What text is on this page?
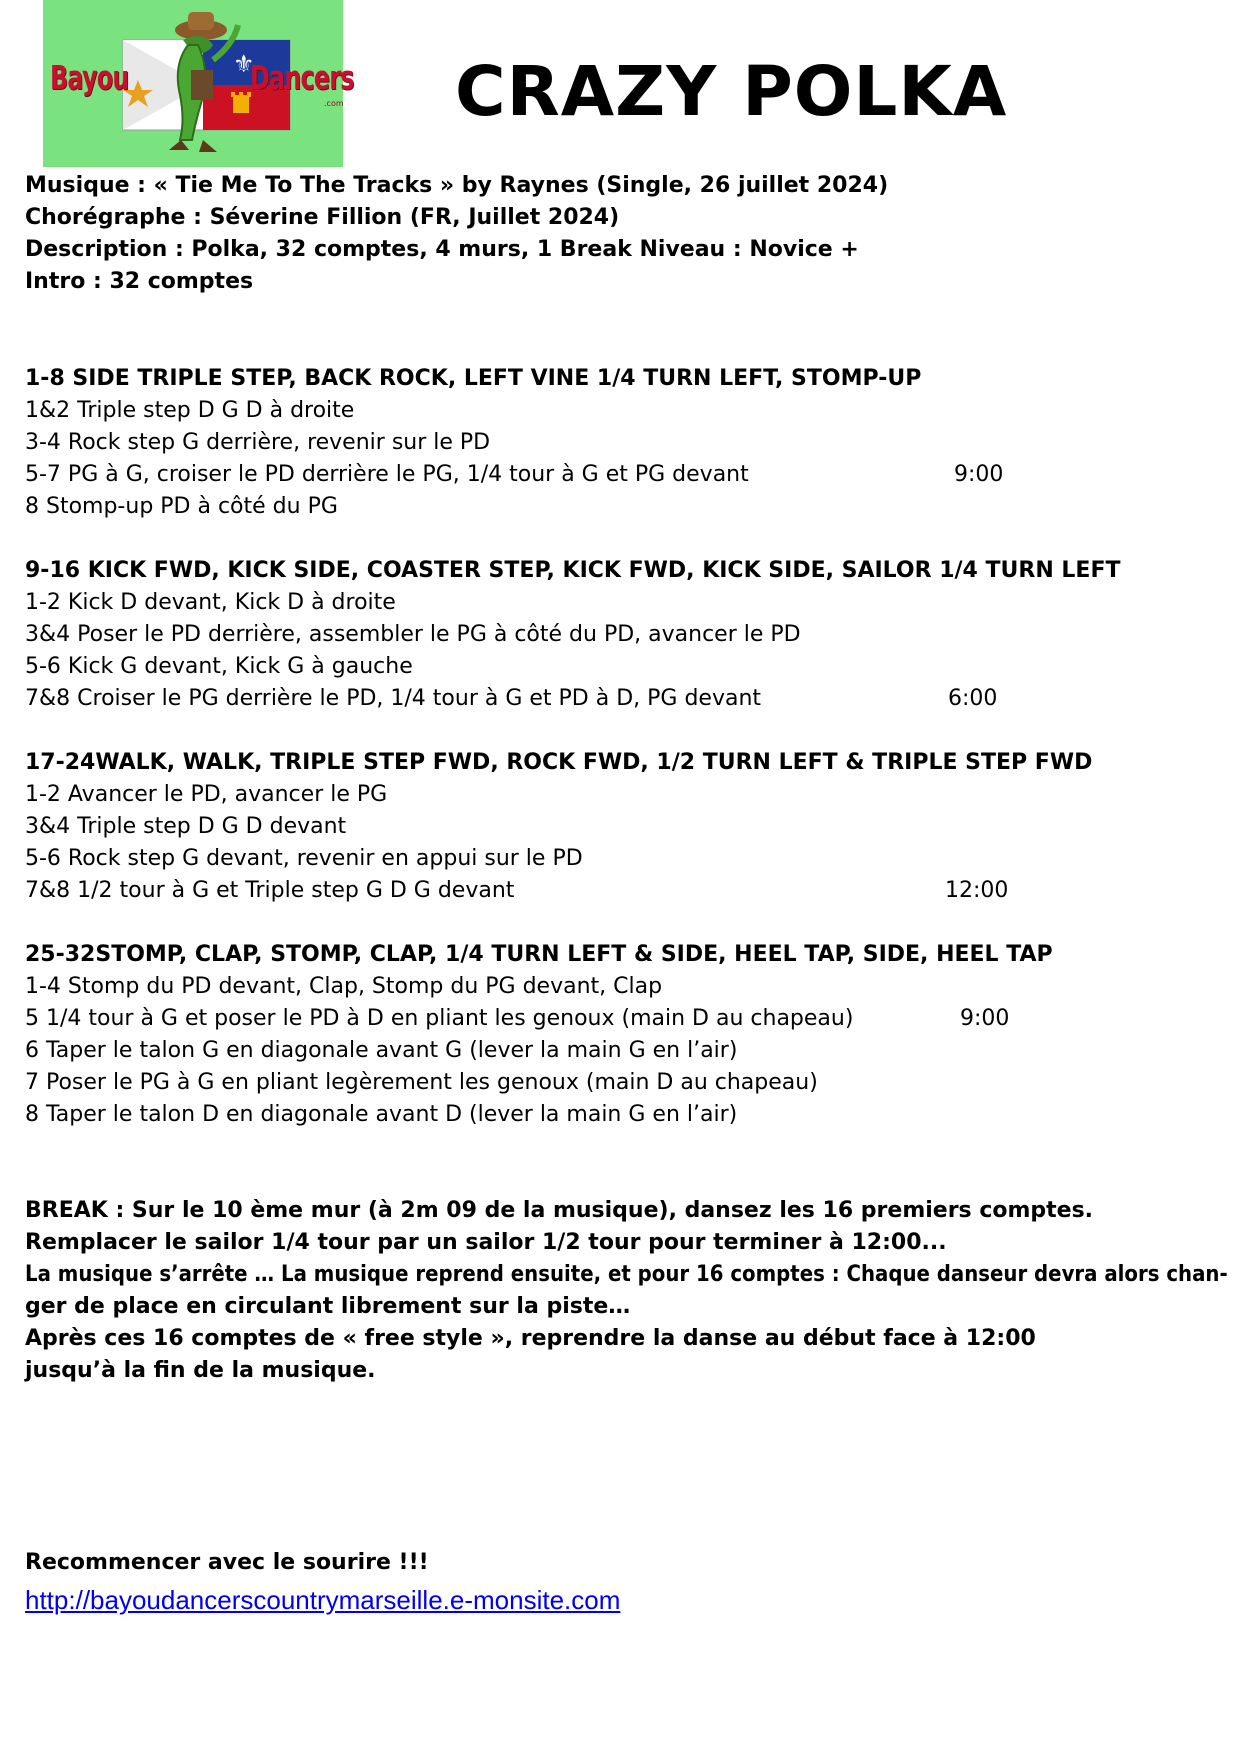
⚜
Bayou	Dancers
.com CRAZY POLKA
Musique : « Tie Me To The Tracks » by Raynes (Single, 26 juillet 2024)
Chorégraphe : Séverine Fillion (FR, Juillet 2024)
Description : Polka, 32 comptes, 4 murs, 1 Break Niveau : Novice +
Intro : 32 comptes
1-8 SIDE TRIPLE STEP, BACK ROCK, LEFT VINE 1/4 TURN LEFT, STOMP-UP
1&2 Triple step D G D à droite
3-4 Rock step G derrière, revenir sur le PD
5-7 PG à G, croiser le PD derrière le PG, 1/4 tour à G et PG devant	9:00
8 Stomp-up PD à côté du PG
9-16 KICK FWD, KICK SIDE, COASTER STEP, KICK FWD, KICK SIDE, SAILOR 1/4 TURN LEFT
1-2 Kick D devant, Kick D à droite
3&4 Poser le PD derrière, assembler le PG à côté du PD, avancer le PD
5-6 Kick G devant, Kick G à gauche
7&8 Croiser le PG derrière le PD, 1/4 tour à G et PD à D, PG devant	6:00
17-24WALK, WALK, TRIPLE STEP FWD, ROCK FWD, 1/2 TURN LEFT & TRIPLE STEP FWD
1-2 Avancer le PD, avancer le PG
3&4 Triple step D G D devant
5-6 Rock step G devant, revenir en appui sur le PD
7&8 1/2 tour à G et Triple step G D G devant	12:00
25-32STOMP, CLAP, STOMP, CLAP, 1/4 TURN LEFT & SIDE, HEEL TAP, SIDE, HEEL TAP
1-4 Stomp du PD devant, Clap, Stomp du PG devant, Clap
5 1/4 tour à G et poser le PD à D en pliant les genoux (main D au chapeau)	9:00
6 Taper le talon G en diagonale avant G (lever la main G en l’air)
7 Poser le PG à G en pliant legèrement les genoux (main D au chapeau)
8 Taper le talon D en diagonale avant D (lever la main G en l’air)
BREAK : Sur le 10 ème mur (à 2m 09 de la musique), dansez les 16 premiers comptes.
Remplacer le sailor 1/4 tour par un sailor 1/2 tour pour terminer à 12:00...
La musique s’arrête … La musique reprend ensuite, et pour 16 comptes : Chaque danseur devra alors chan-
ger de place en circulant librement sur la piste…
Après ces 16 comptes de « free style », reprendre la danse au début face à 12:00
jusqu’à la fin de la musique.
Recommencer avec le sourire !!!
http://bayoudancerscountrymarseille.e-monsite.com
